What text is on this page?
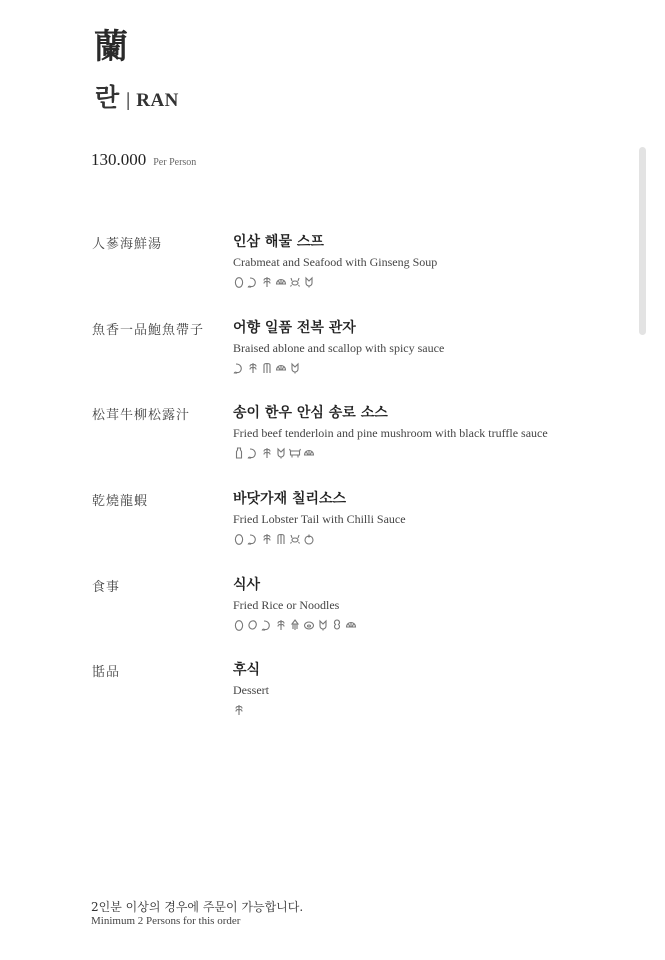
蘭
란 | RAN
130.000 Per Person
人蔘海鮮湯	인삼 해물 스프
Crabmeat and Seafood with Ginseng Soup
魚香一品鮑魚帶子 어향 일품 전복 관자
Braised ablone and scallop with spicy sauce
松茸牛柳松露汁	송이 한우 안심 송로 소스
Fried beef tenderloin and pine mushroom with black truffle sauce
乾燒龍蝦	바닷가재 칠리소스
Fried Lobster Tail with Chilli Sauce
食事	식사
Fried Rice or Noodles
甛品	후식
Dessert
2인분 이상의 경우에 주문이 가능합니다.
Minimum 2 Persons for this order
